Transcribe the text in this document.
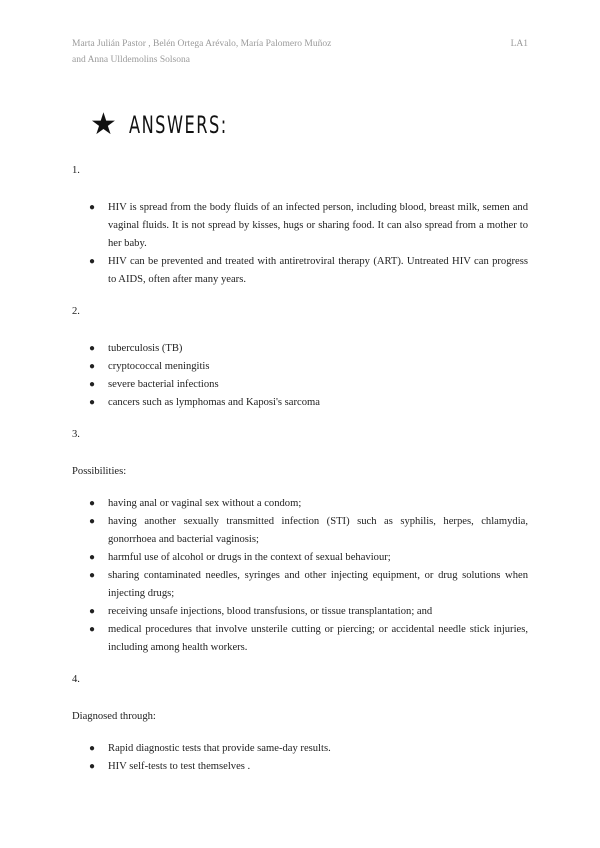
Marta Julián Pastor , Belén Ortega Arévalo, María Palomero Muñoz
and Anna Ulldemolins Solsona
LA1
★ ANSWERS:
1.
● HIV is spread from the body fluids of an infected person, including blood, breast milk, semen and vaginal fluids. It is not spread by kisses, hugs or sharing food. It can also spread from a mother to her baby.
● HIV can be prevented and treated with antiretroviral therapy (ART). Untreated HIV can progress to AIDS, often after many years.
2.
● tuberculosis (TB)
● cryptococcal meningitis
● severe bacterial infections
● cancers such as lymphomas and Kaposi's sarcoma
3.
Possibilities:
● having anal or vaginal sex without a condom;
● having another sexually transmitted infection (STI) such as syphilis, herpes, chlamydia, gonorrhoea and bacterial vaginosis;
● harmful use of alcohol or drugs in the context of sexual behaviour;
● sharing contaminated needles, syringes and other injecting equipment, or drug solutions when injecting drugs;
● receiving unsafe injections, blood transfusions, or tissue transplantation; and
● medical procedures that involve unsterile cutting or piercing; or accidental needle stick injuries, including among health workers.
4.
Diagnosed through:
● Rapid diagnostic tests that provide same-day results.
● HIV self-tests to test themselves .
